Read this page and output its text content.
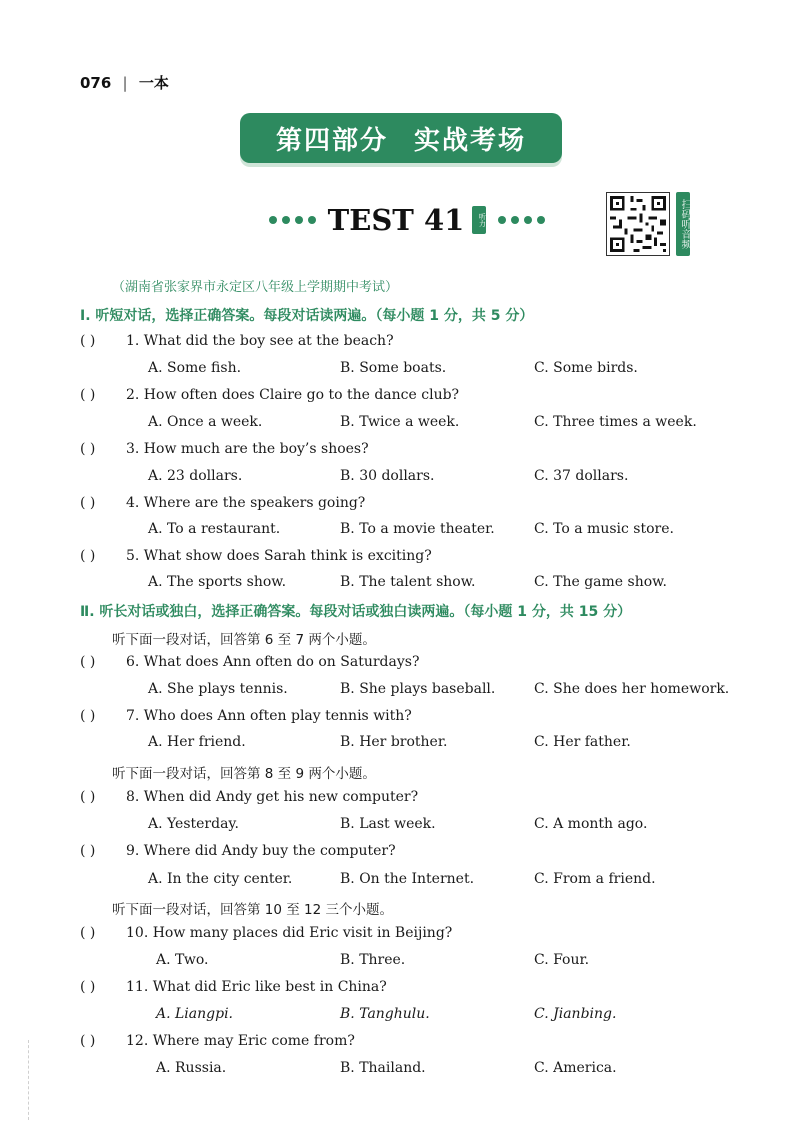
076 | 一本
第四部分 实战考场
TEST 41	听力	扫码听音频
（湖南省张家界市永定区八年级上学期期中考试）
Ⅰ. 听短对话，选择正确答案。每段对话读两遍。（每小题 1 分，共 5 分）
( ) 1. What did the boy see at the beach?
A. Some fish.	B. Some boats.	C. Some birds.
( ) 2. How often does Claire go to the dance club?
A. Once a week.	B. Twice a week.	C. Three times a week.
( ) 3. How much are the boy’s shoes?
A. 23 dollars.	B. 30 dollars.	C. 37 dollars.
( ) 4. Where are the speakers going?
A. To a restaurant.	B. To a movie theater.	C. To a music store.
( ) 5. What show does Sarah think is exciting?
A. The sports show.	B. The talent show.	C. The game show.
Ⅱ. 听长对话或独白，选择正确答案。每段对话或独白读两遍。（每小题 1 分，共 15 分）
听下面一段对话，回答第 6 至 7 两个小题。
( ) 6. What does Ann often do on Saturdays?
A. She plays tennis.	B. She plays baseball.	C. She does her homework.
( ) 7. Who does Ann often play tennis with?
A. Her friend.	B. Her brother.	C. Her father.
听下面一段对话，回答第 8 至 9 两个小题。
( ) 8. When did Andy get his new computer?
A. Yesterday.	B. Last week.	C. A month ago.
( ) 9. Where did Andy buy the computer?
A. In the city center.	B. On the Internet.	C. From a friend.
听下面一段对话，回答第 10 至 12 三个小题。
( ) 10. How many places did Eric visit in Beijing?
A. Two.	B. Three.	C. Four.
( ) 11. What did Eric like best in China?
A. Liangpi.	B. Tanghulu.	C. Jianbing.
( ) 12. Where may Eric come from?
A. Russia.	B. Thailand.	C. America.
